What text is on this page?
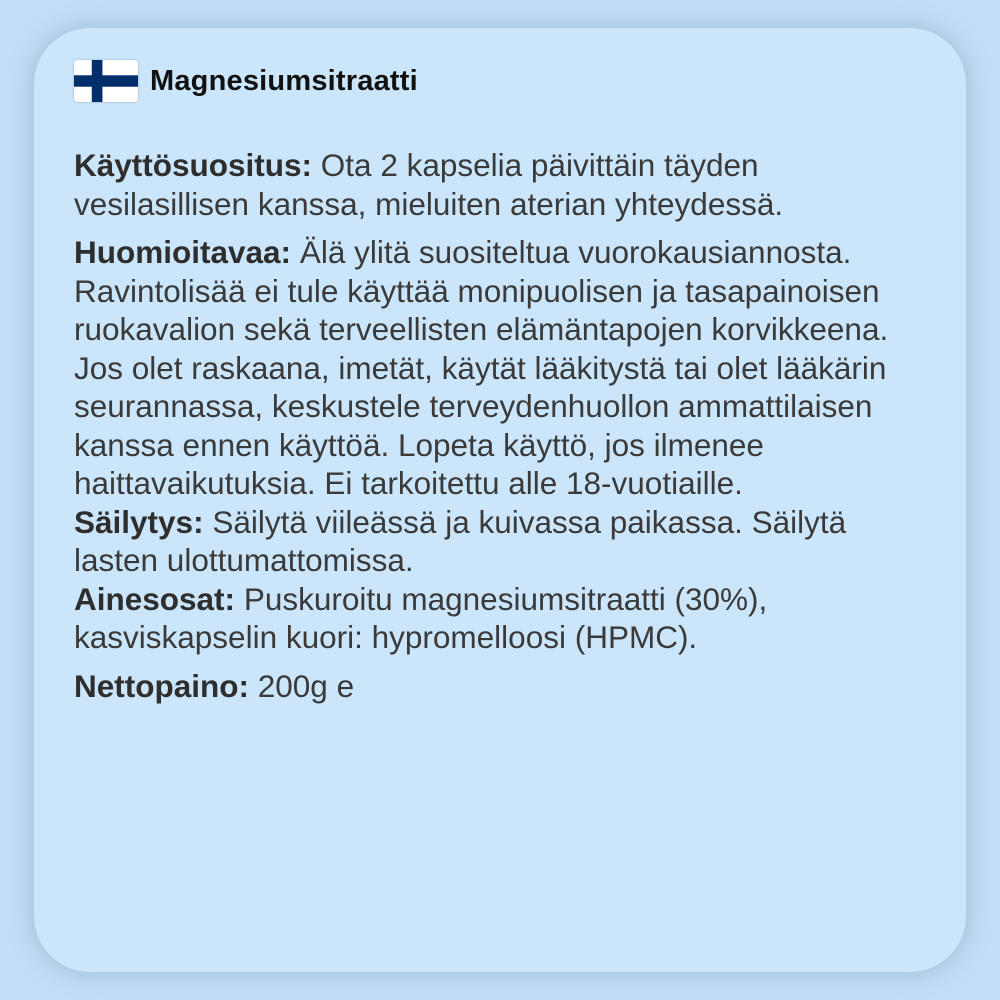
Magnesiumsitraatti

Käyttösuositus: Ota 2 kapselia päivittäin täyden vesilasillisen kanssa, mieluiten aterian yhteydessä.

Huomioitavaa: Älä ylitä suositeltua vuorokausiannosta. Ravintolisää ei tule käyttää monipuolisen ja tasapainoisen ruokavalion sekä terveellisten elämäntapojen korvikkeena. Jos olet raskaana, imetät, käytät lääkitystä tai olet lääkärin seurannassa, keskustele terveydenhuollon ammattilaisen kanssa ennen käyttöä. Lopeta käyttö, jos ilmenee haittavaikutuksia. Ei tarkoitettu alle 18-vuotiaille.

Säilytys: Säilytä viileässä ja kuivassa paikassa. Säilytä lasten ulottumattomissa.

Ainesosat: Puskuroitu magnesiumsitraatti (30%), kasviskapselin kuori: hypromelloosi (HPMC).

Nettopaino: 200g e
